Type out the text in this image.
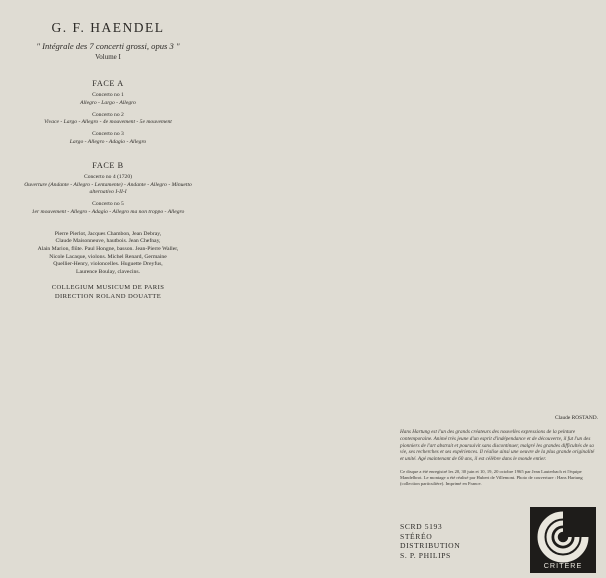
G. F. HAENDEL
" Intégrale des 7 concerti grossi, opus 3 "
Volume I
FACE A
Concerto no 1
Allegro - Largo - Allegro
Concerto no 2
Vivace - Largo - Allegro - 4e mouvement - 5e mouvement
Concerto no 3
Largo - Allegro - Adagio - Allegro
FACE B
Concerto no 4 (1720)
Ouverture (Andante - Allegro - Lentamente) - Andante - Allegro - Minuetto alternativo I-II-I
Concerto no 5
1er mouvement - Allegro - Adagio - Allegro ma non troppo - Allegro
Pierre Pierlot, Jacques Chambon, Jean Debray,
Claude Maisonneuve, hautbois. Jean Chefnay,
Alain Marion, flûte. Paul Hongne, basson. Jean-Pierre Waller,
Nicole Lacaque, violons. Michel Renard, Germaine
Quellier-Henry, violoncelles. Huguette Dreyfus,
Laurence Boulay, clavecins.
COLLEGIUM MUSICUM DE PARIS
DIRECTION ROLAND DOUATTE

Claude ROSTAND.
Hans Hartung est l'un des grands créateurs des nouvelles expressions de la peinture contemporaine. Animé très jeune d'un esprit d'indépendance et de découverte, il fut l'un des pionniers de l'art abstrait et poursuivit sans discontinuer, malgré les grandes difficultés de sa vie, ses recherches et ses expériences. Il réalise ainsi une oeuvre de la plus grande originalité et unité. Agé maintenant de 60 ans, il est célèbre dans le monde entier.
Ce disque a été enregistré les 20, 30 juin et 10, 19, 20 octobre 1965 par Jean Lauterbach et l'équipe Mandelbrot. Le montage a été réalisé par Hubert de Villemont. Photo de couverture : Hans Hartung (collection particulière). Imprimé en France.
SCRD 5193
STÉRÉO
DISTRIBUTION
S. P. PHILIPS
CRITÈRE
